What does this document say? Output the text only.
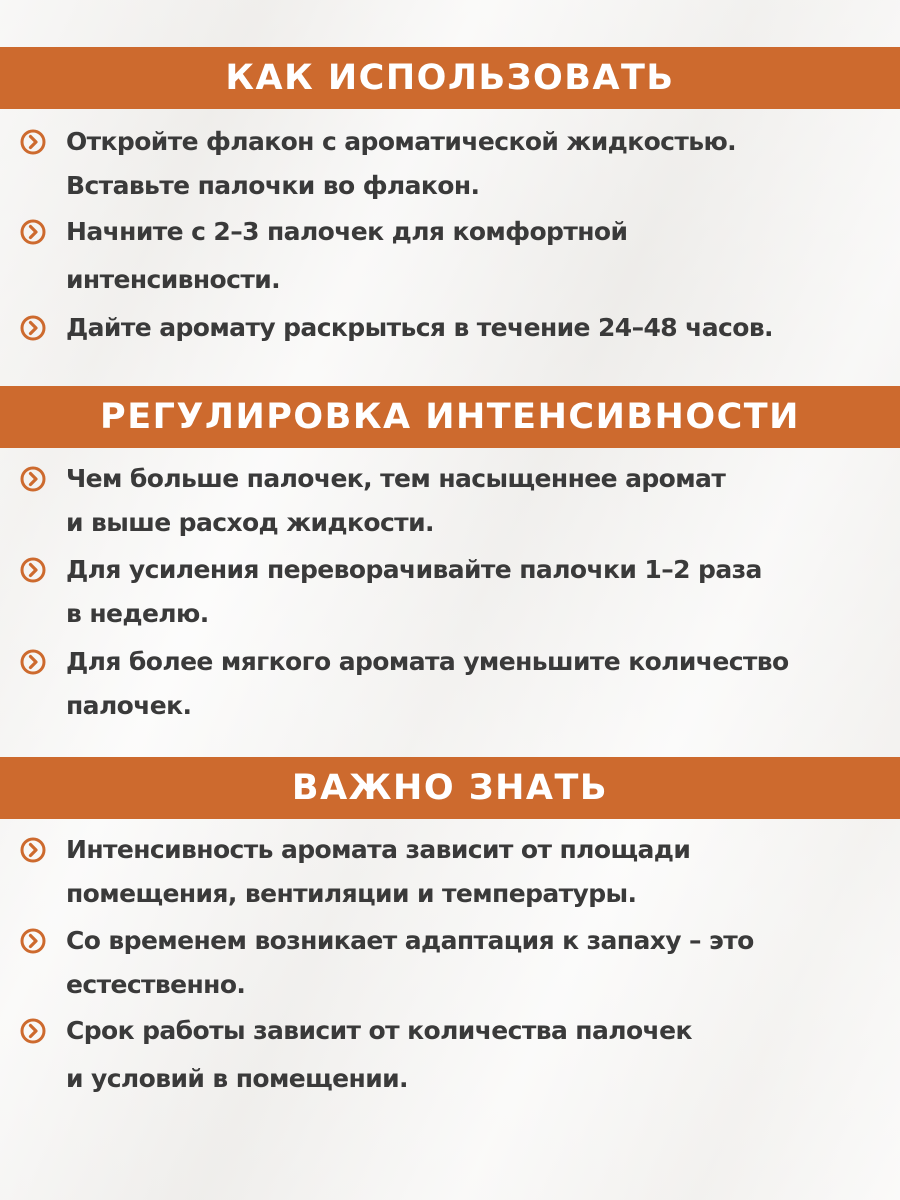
КАК ИСПОЛЬЗОВАТЬ
Откройте флакон с ароматической жидкостью.
Вставьте палочки во флакон.
Начните с 2–3 палочек для комфортной
интенсивности.
Дайте аромату раскрыться в течение 24–48 часов.
РЕГУЛИРОВКА ИНТЕНСИВНОСТИ
Чем больше палочек, тем насыщеннее аромат
и выше расход жидкости.
Для усиления переворачивайте палочки 1–2 раза
в неделю.
Для более мягкого аромата уменьшите количество
палочек.
ВАЖНО ЗНАТЬ
Интенсивность аромата зависит от площади
помещения, вентиляции и температуры.
Со временем возникает адаптация к запаху – это
естественно.
Срок работы зависит от количества палочек
и условий в помещении.
